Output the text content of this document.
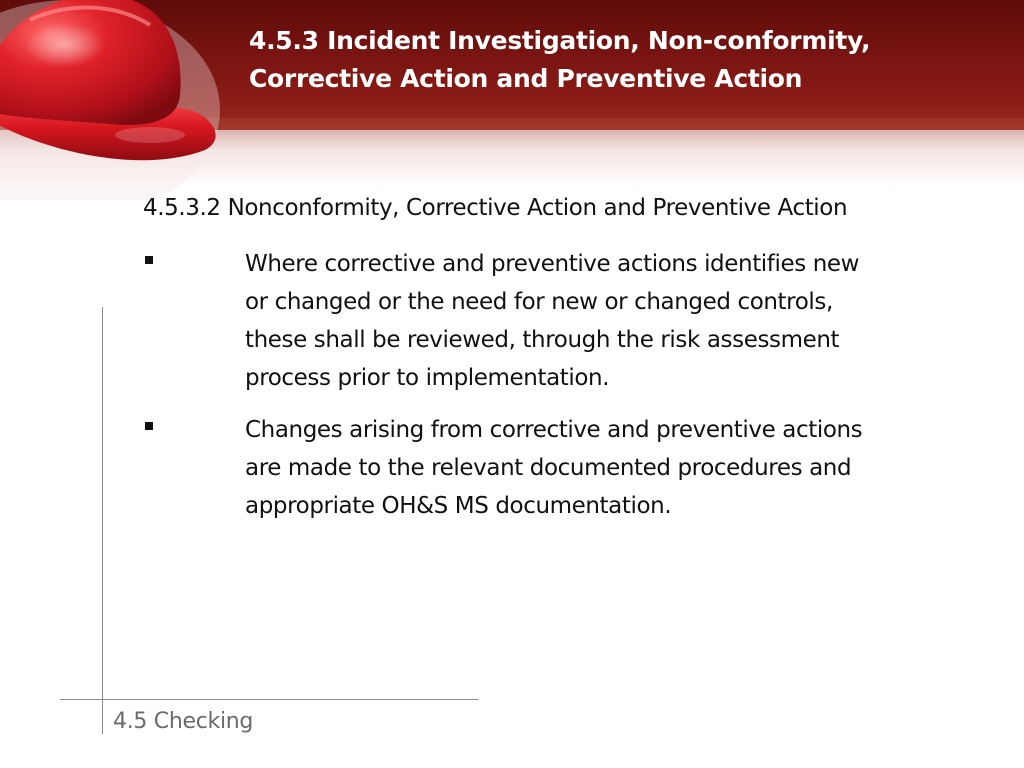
4.5.3 Incident Investigation, Non-conformity,
Corrective Action and Preventive Action

4.5.3.2 Nonconformity, Corrective Action and Preventive Action

Where corrective and preventive actions identifies new
or changed or the need for new or changed controls,
these shall be reviewed, through the risk assessment
process prior to implementation.
Changes arising from corrective and preventive actions
are made to the relevant documented procedures and
appropriate OH&S MS documentation.

4.5 Checking
